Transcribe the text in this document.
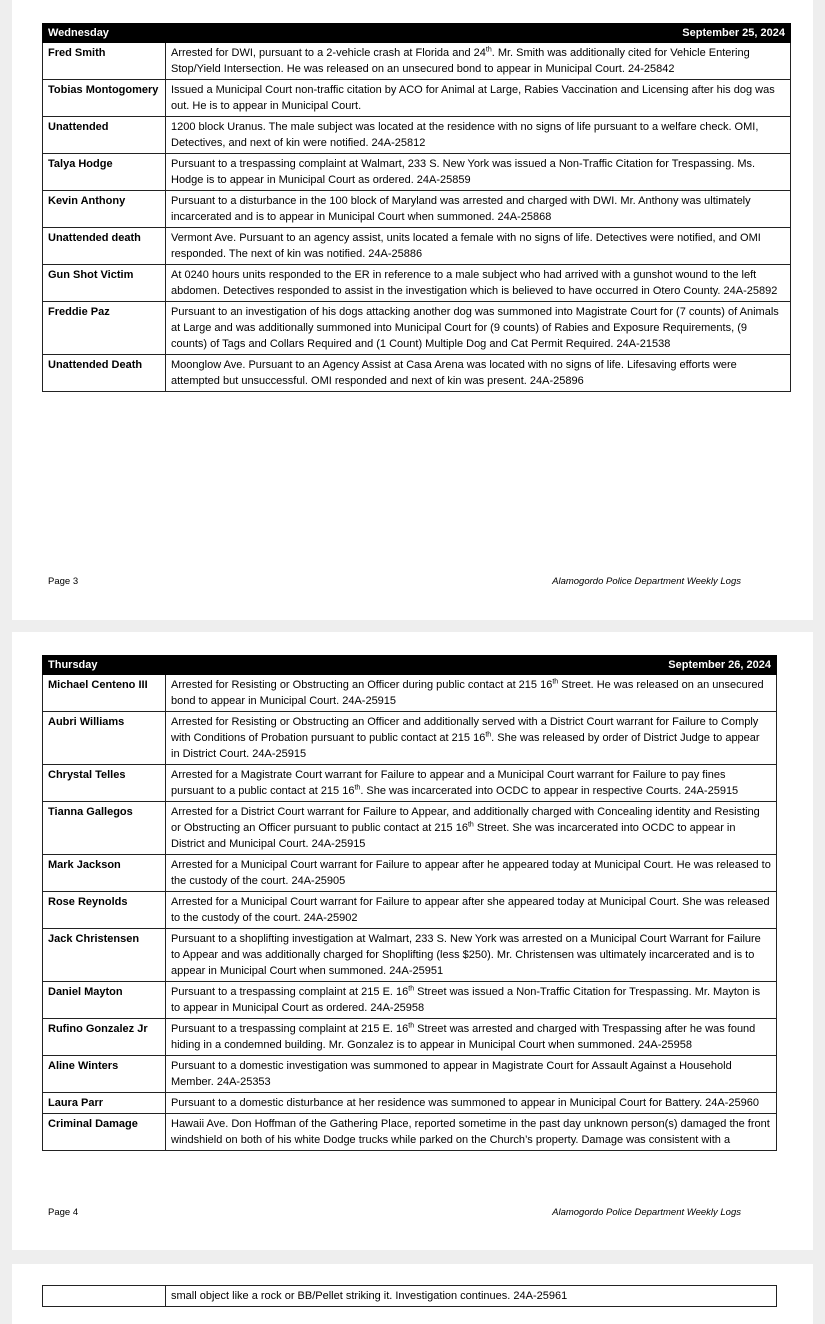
Wednesday	September 25, 2024
Fred Smith	Arrested for DWI, pursuant to a 2-vehicle crash at Florida and 24th. Mr. Smith was additionally cited for Vehicle Entering Stop/Yield Intersection. He was released on an unsecured bond to appear in Municipal Court. 24-25842
Tobias Montogomery	Issued a Municipal Court non-traffic citation by ACO for Animal at Large, Rabies Vaccination and Licensing after his dog was out. He is to appear in Municipal Court.
Unattended	1200 block Uranus. The male subject was located at the residence with no signs of life pursuant to a welfare check. OMI, Detectives, and next of kin were notified. 24A-25812
Talya Hodge	Pursuant to a trespassing complaint at Walmart, 233 S. New York was issued a Non-Traffic Citation for Trespassing. Ms. Hodge is to appear in Municipal Court as ordered. 24A-25859
Kevin Anthony	Pursuant to a disturbance in the 100 block of Maryland was arrested and charged with DWI. Mr. Anthony was ultimately incarcerated and is to appear in Municipal Court when summoned. 24A-25868
Unattended death	Vermont Ave. Pursuant to an agency assist, units located a female with no signs of life. Detectives were notified, and OMI responded. The next of kin was notified. 24A-25886
Gun Shot Victim	At 0240 hours units responded to the ER in reference to a male subject who had arrived with a gunshot wound to the left abdomen. Detectives responded to assist in the investigation which is believed to have occurred in Otero County. 24A-25892
Freddie Paz	Pursuant to an investigation of his dogs attacking another dog was summoned into Magistrate Court for (7 counts) of Animals at Large and was additionally summoned into Municipal Court for (9 counts) of Rabies and Exposure Requirements, (9 counts) of Tags and Collars Required and (1 Count) Multiple Dog and Cat Permit Required. 24A-21538
Unattended Death	Moonglow Ave. Pursuant to an Agency Assist at Casa Arena was located with no signs of life. Lifesaving efforts were attempted but unsuccessful. OMI responded and next of kin was present. 24A-25896
Page 3	Alamogordo Police Department Weekly Logs
Thursday	September 26, 2024
Michael Centeno III	Arrested for Resisting or Obstructing an Officer during public contact at 215 16th Street. He was released on an unsecured bond to appear in Municipal Court. 24A-25915
Aubri Williams	Arrested for Resisting or Obstructing an Officer and additionally served with a District Court warrant for Failure to Comply with Conditions of Probation pursuant to public contact at 215 16th. She was released by order of District Judge to appear in District Court. 24A-25915
Chrystal Telles	Arrested for a Magistrate Court warrant for Failure to appear and a Municipal Court warrant for Failure to pay fines pursuant to a public contact at 215 16th. She was incarcerated into OCDC to appear in respective Courts. 24A-25915
Tianna Gallegos	Arrested for a District Court warrant for Failure to Appear, and additionally charged with Concealing identity and Resisting or Obstructing an Officer pursuant to public contact at 215 16th Street. She was incarcerated into OCDC to appear in District and Municipal Court. 24A-25915
Mark Jackson	Arrested for a Municipal Court warrant for Failure to appear after he appeared today at Municipal Court. He was released to the custody of the court. 24A-25905
Rose Reynolds	Arrested for a Municipal Court warrant for Failure to appear after she appeared today at Municipal Court. She was released to the custody of the court. 24A-25902
Jack Christensen	Pursuant to a shoplifting investigation at Walmart, 233 S. New York was arrested on a Municipal Court Warrant for Failure to Appear and was additionally charged for Shoplifting (less $250). Mr. Christensen was ultimately incarcerated and is to appear in Municipal Court when summoned. 24A-25951
Daniel Mayton	Pursuant to a trespassing complaint at 215 E. 16th Street was issued a Non-Traffic Citation for Trespassing. Mr. Mayton is to appear in Municipal Court as ordered. 24A-25958
Rufino Gonzalez Jr	Pursuant to a trespassing complaint at 215 E. 16th Street was arrested and charged with Trespassing after he was found hiding in a condemned building. Mr. Gonzalez is to appear in Municipal Court when summoned. 24A-25958
Aline Winters	Pursuant to a domestic investigation was summoned to appear in Magistrate Court for Assault Against a Household Member. 24A-25353
Laura Parr	Pursuant to a domestic disturbance at her residence was summoned to appear in Municipal Court for Battery. 24A-25960
Criminal Damage	Hawaii Ave. Don Hoffman of the Gathering Place, reported sometime in the past day unknown person(s) damaged the front windshield on both of his white Dodge trucks while parked on the Church’s property. Damage was consistent with a
Page 4	Alamogordo Police Department Weekly Logs
	small object like a rock or BB/Pellet striking it. Investigation continues. 24A-25961
